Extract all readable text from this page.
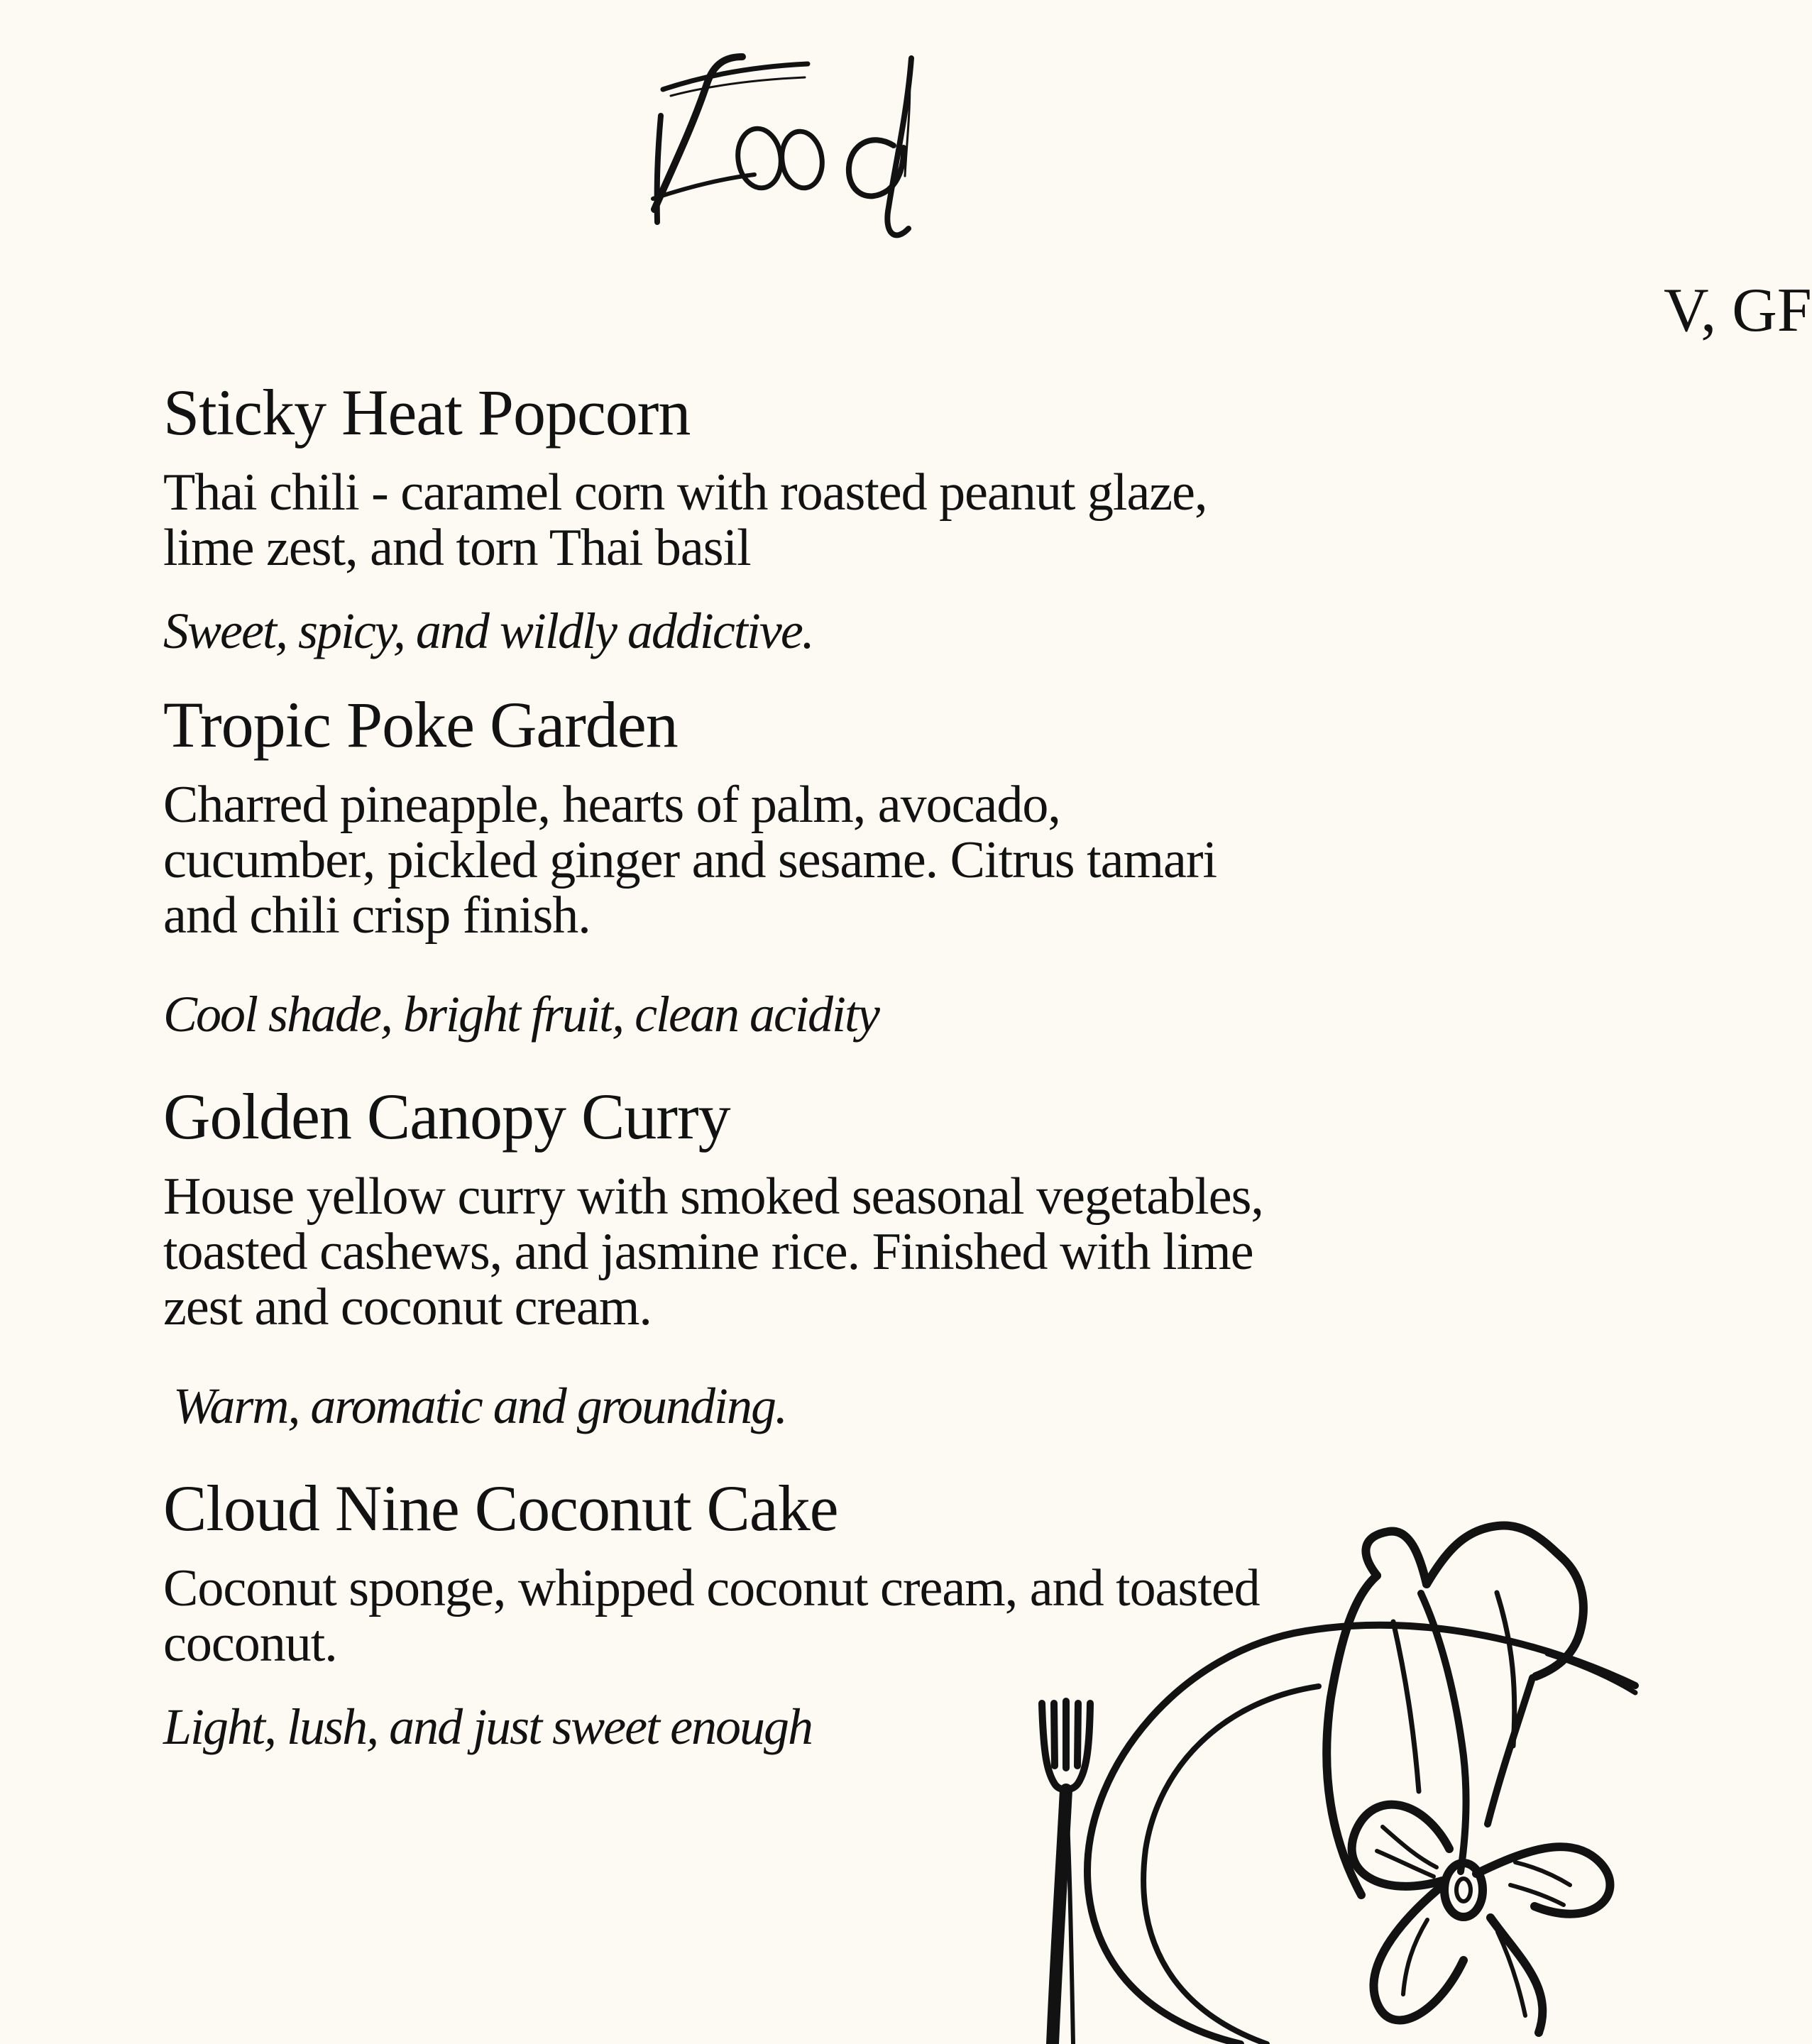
V, GF
Sticky Heat Popcorn
Thai chili - caramel corn with roasted peanut glaze, lime zest, and torn Thai basil
Sweet, spicy, and wildly addictive.
Tropic Poke Garden
Charred pineapple, hearts of palm, avocado, cucumber, pickled ginger and sesame. Citrus tamari and chili crisp finish.
Cool shade, bright fruit, clean acidity
Golden Canopy Curry
House yellow curry with smoked seasonal vegetables, toasted cashews, and jasmine rice. Finished with lime zest and coconut cream.
Warm, aromatic and grounding.
Cloud Nine Coconut Cake
Coconut sponge, whipped coconut cream, and toasted coconut.
Light, lush, and just sweet enough
